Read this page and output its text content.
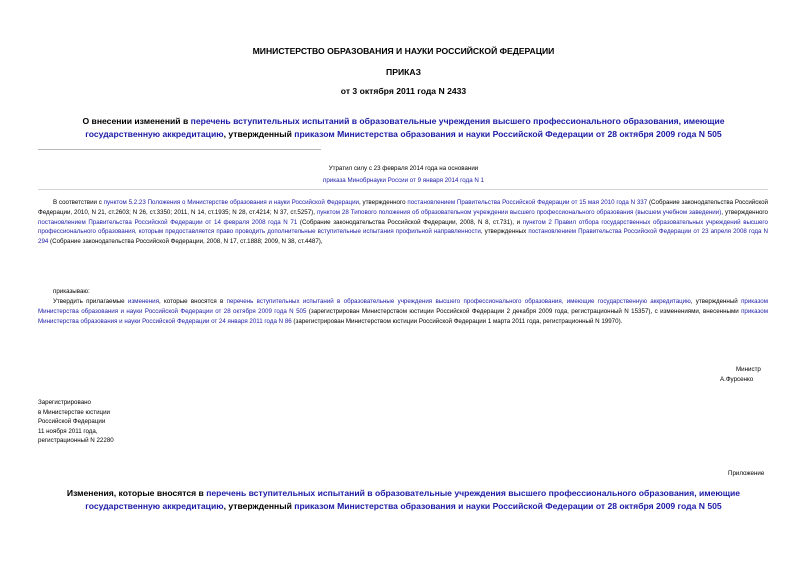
МИНИСТЕРСТВО ОБРАЗОВАНИЯ И НАУКИ РОССИЙСКОЙ ФЕДЕРАЦИИ
ПРИКАЗ
от 3 октября 2011 года N 2433
О внесении изменений в перечень вступительных испытаний в образовательные учреждения высшего профессионального образования, имеющие государственную аккредитацию, утвержденный приказом Министерства образования и науки Российской Федерации от 28 октября 2009 года N 505
Утратил силу с 23 февраля 2014 года на основании
приказа Минобрнауки России от 9 января 2014 года N 1
В соответствии с пунктом 5.2.23 Положения о Министерстве образования и науки Российской Федерации, утвержденного постановлением Правительства Российской Федерации от 15 мая 2010 года N 337 (Собрание законодательства Российской Федерации, 2010, N 21, ст.2603; N 26, ст.3350; 2011, N 14, ст.1935; N 28, ст.4214; N 37, ст.5257), пунктом 28 Типового положения об образовательном учреждении высшего профессионального образования (высшем учебном заведении), утвержденного постановлением Правительства Российской Федерации от 14 февраля 2008 года N 71 (Собрание законодательства Российской Федерации, 2008, N 8, ст.731), и пунктом 2 Правил отбора государственных образовательных учреждений высшего профессионального образования, которым предоставляется право проводить дополнительные вступительные испытания профильной направленности, утвержденных постановлением Правительства Российской Федерации от 23 апреля 2008 года N 294 (Собрание законодательства Российской Федерации, 2008, N 17, ст.1888; 2009, N 38, ст.4487),
приказываю:
Утвердить прилагаемые изменения, которые вносятся в перечень вступительных испытаний в образовательные учреждения высшего профессионального образования, имеющие государственную аккредитацию, утвержденный приказом Министерства образования и науки Российской Федерации от 28 октября 2009 года N 505 (зарегистрирован Министерством юстиции Российской Федерации 2 декабря 2009 года, регистрационный N 15357), с изменениями, внесенными приказом Министерства образования и науки Российской Федерации от 24 января 2011 года N 86 (зарегистрирован Министерством юстиции Российской Федерации 1 марта 2011 года, регистрационный N 19970).
Министр
А.Фурсенко
Зарегистрировано
в Министерстве юстиции
Российской Федерации
11 ноября 2011 года,
регистрационный N 22280
Приложение
Изменения, которые вносятся в перечень вступительных испытаний в образовательные учреждения высшего профессионального образования, имеющие государственную аккредитацию, утвержденный приказом Министерства образования и науки Российской Федерации от 28 октября 2009 года N 505
